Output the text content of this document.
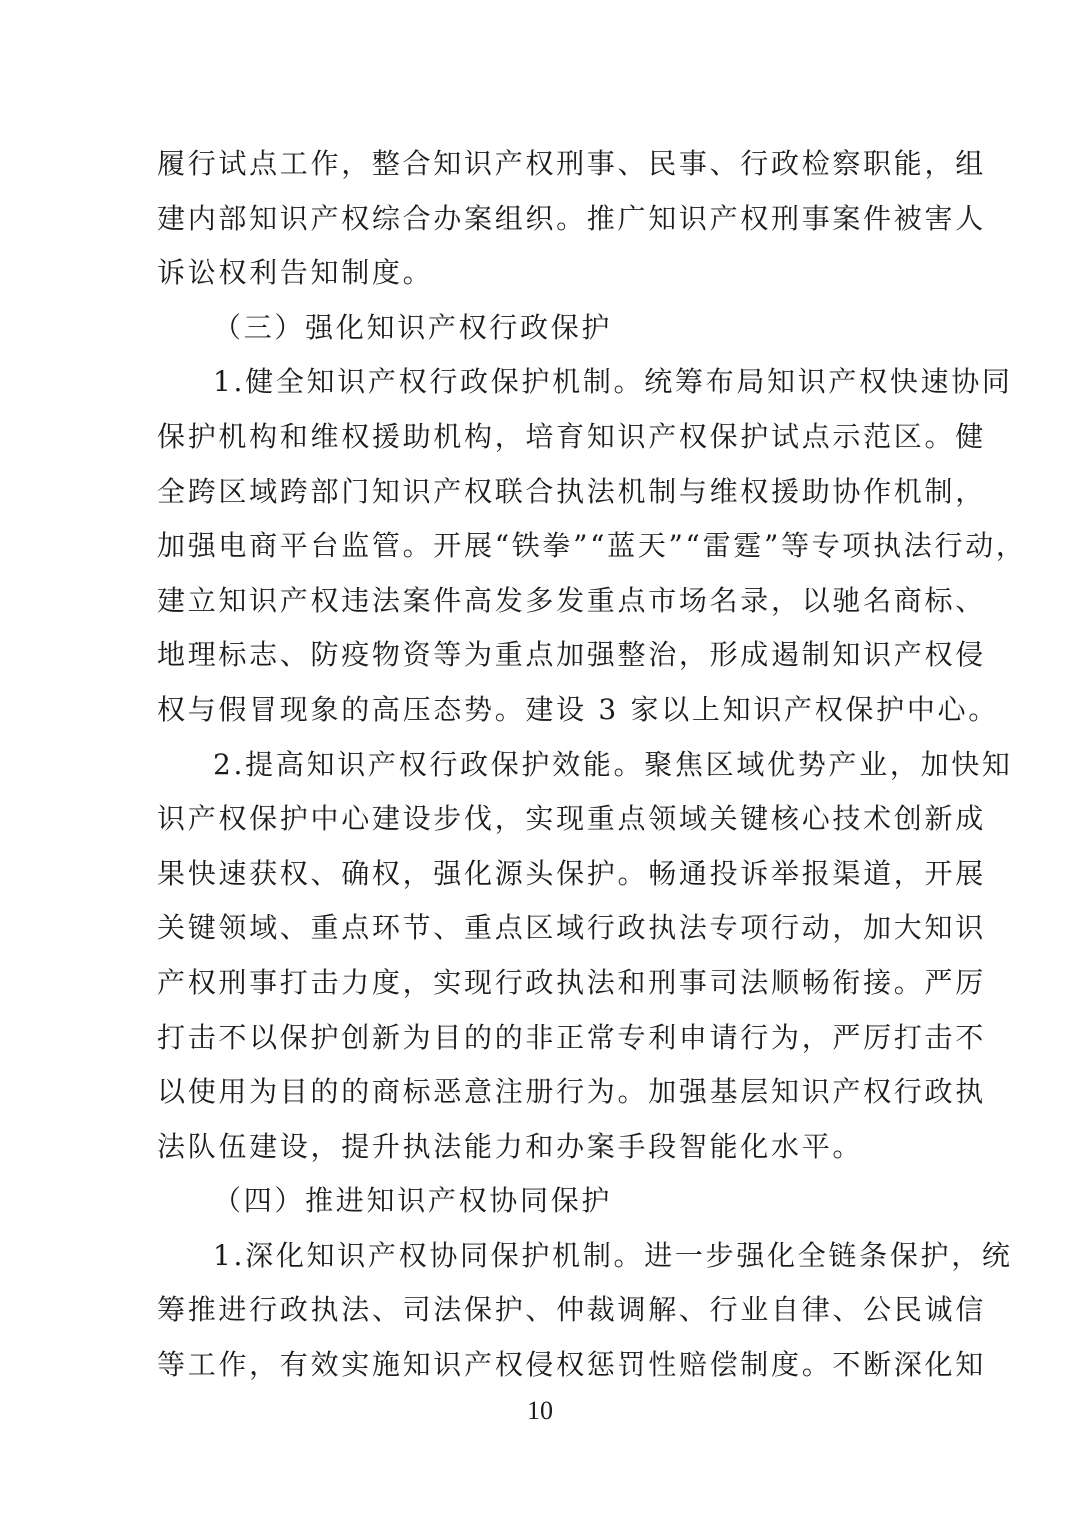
履行试点工作，整合知识产权刑事、民事、行政检察职能，组
建内部知识产权综合办案组织。推广知识产权刑事案件被害人
诉讼权利告知制度。
（三）强化知识产权行政保护
1.健全知识产权行政保护机制。统筹布局知识产权快速协同
保护机构和维权援助机构，培育知识产权保护试点示范区。健
全跨区域跨部门知识产权联合执法机制与维权援助协作机制，
加强电商平台监管。开展“铁拳”“蓝天”“雷霆”等专项执法行动，
建立知识产权违法案件高发多发重点市场名录，以驰名商标、
地理标志、防疫物资等为重点加强整治，形成遏制知识产权侵
权与假冒现象的高压态势。建设 3 家以上知识产权保护中心。
2.提高知识产权行政保护效能。聚焦区域优势产业，加快知
识产权保护中心建设步伐，实现重点领域关键核心技术创新成
果快速获权、确权，强化源头保护。畅通投诉举报渠道，开展
关键领域、重点环节、重点区域行政执法专项行动，加大知识
产权刑事打击力度，实现行政执法和刑事司法顺畅衔接。严厉
打击不以保护创新为目的的非正常专利申请行为，严厉打击不
以使用为目的的商标恶意注册行为。加强基层知识产权行政执
法队伍建设，提升执法能力和办案手段智能化水平。
（四）推进知识产权协同保护
1.深化知识产权协同保护机制。进一步强化全链条保护，统
筹推进行政执法、司法保护、仲裁调解、行业自律、公民诚信
等工作，有效实施知识产权侵权惩罚性赔偿制度。不断深化知
10
